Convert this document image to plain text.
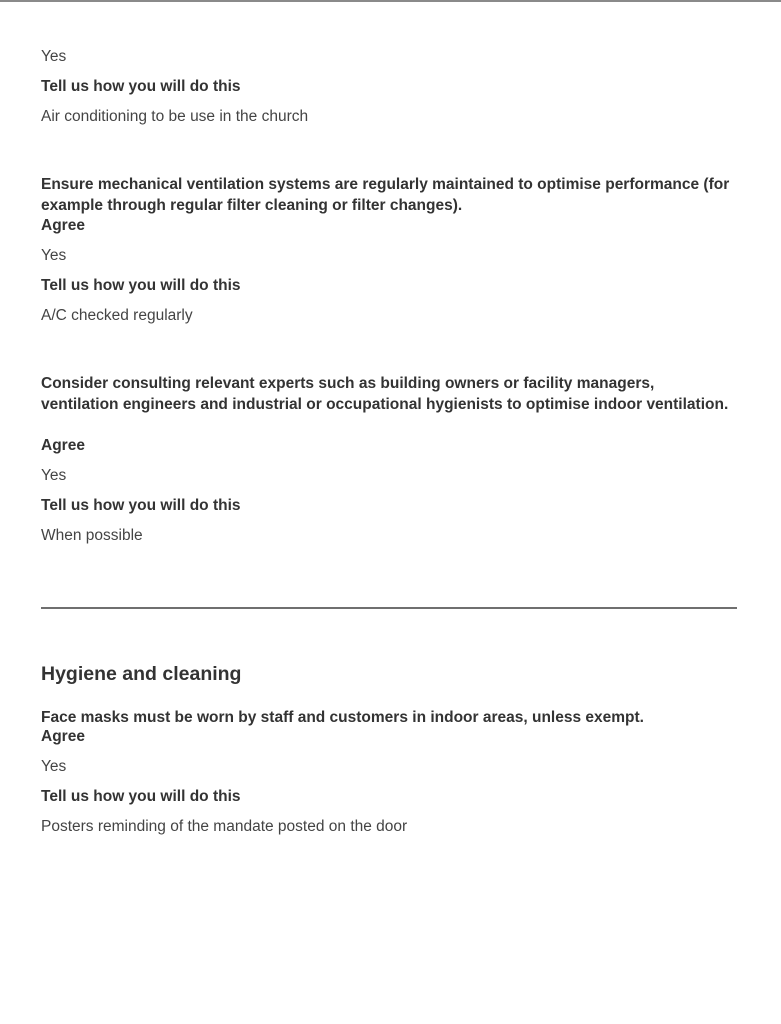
Yes
Tell us how you will do this
Air conditioning to be use in the church
Ensure mechanical ventilation systems are regularly maintained to optimise performance (for example through regular filter cleaning or filter changes).
Agree
Yes
Tell us how you will do this
A/C checked regularly
Consider consulting relevant experts such as building owners or facility managers, ventilation engineers and industrial or occupational hygienists to optimise indoor ventilation.
Agree
Yes
Tell us how you will do this
When possible
Hygiene and cleaning
Face masks must be worn by staff and customers in indoor areas, unless exempt.
Agree
Yes
Tell us how you will do this
Posters reminding of the mandate posted on the door
